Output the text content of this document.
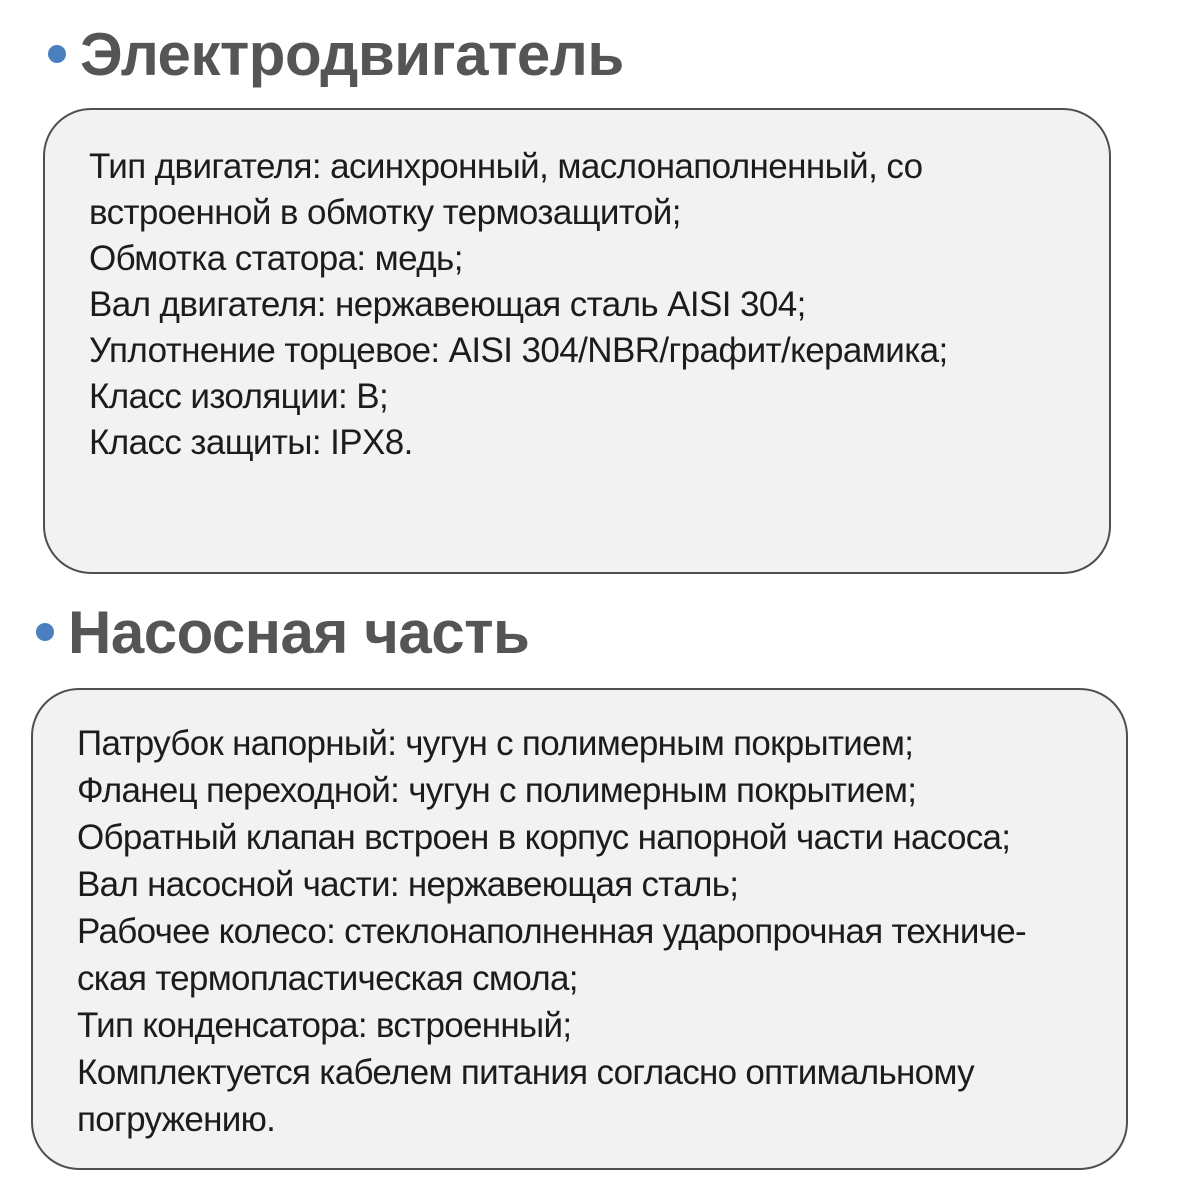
Электродвигатель
Тип двигателя: асинхронный, маслонаполненный, со
встроенной в обмотку термозащитой;
Обмотка статора: медь;
Вал двигателя: нержавеющая сталь AISI 304;
Уплотнение торцевое: AISI 304/NBR/графит/керамика;
Класс изоляции: B;
Класс защиты: IPX8.
Насосная часть
Патрубок напорный: чугун с полимерным покрытием;
Фланец переходной: чугун с полимерным покрытием;
Обратный клапан встроен в корпус напорной части насоса;
Вал насосной части: нержавеющая сталь;
Рабочее колесо: стеклонаполненная ударопрочная техниче-
ская термопластическая смола;
Тип конденсатора: встроенный;
Комплектуется кабелем питания согласно оптимальному
погружению.
